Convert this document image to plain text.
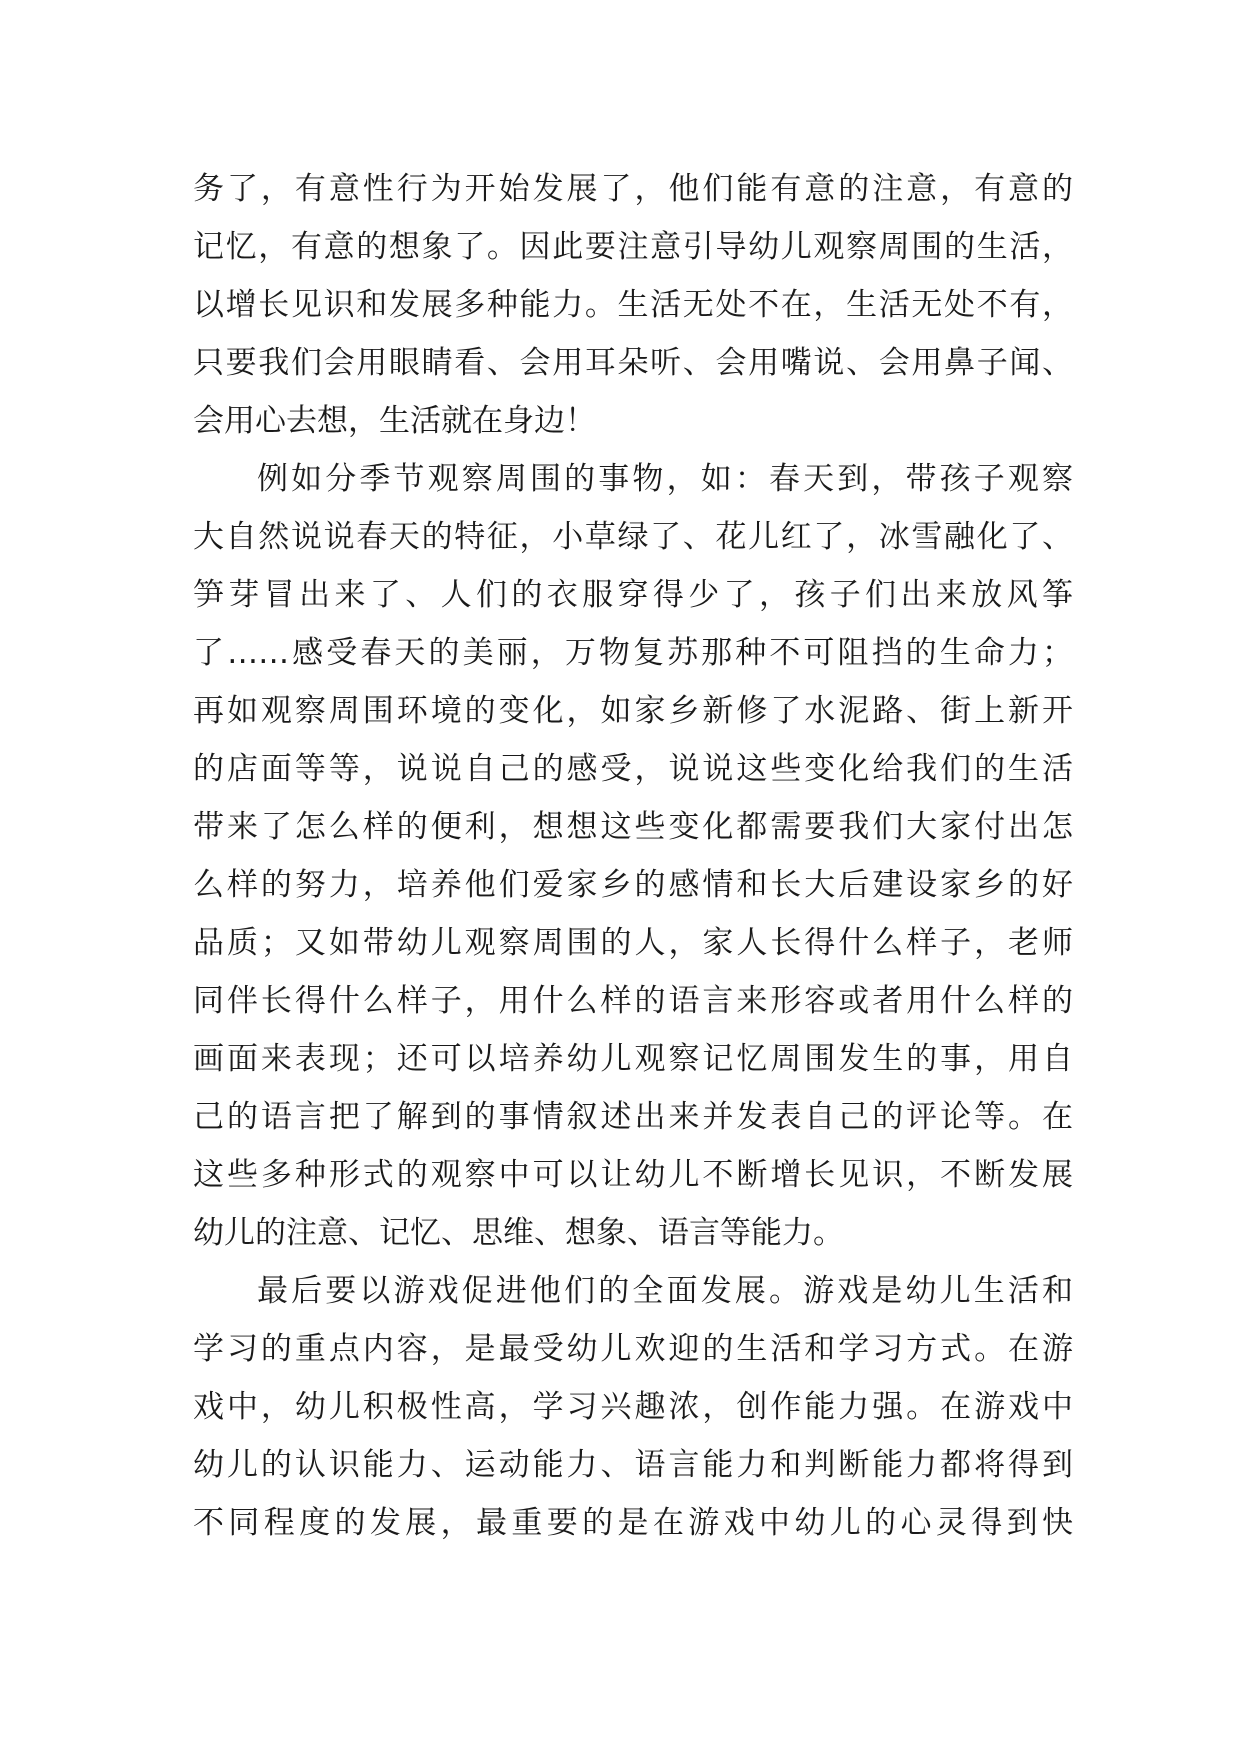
务了，有意性行为开始发展了，他们能有意的注意，有意的
记忆，有意的想象了。因此要注意引导幼儿观察周围的生活，
以增长见识和发展多种能力。生活无处不在，生活无处不有，
只要我们会用眼睛看、会用耳朵听、会用嘴说、会用鼻子闻、
会用心去想，生活就在身边！
例如分季节观察周围的事物，如：春天到，带孩子观察
大自然说说春天的特征，小草绿了、花儿红了，冰雪融化了、
笋芽冒出来了、人们的衣服穿得少了，孩子们出来放风筝
了……感受春天的美丽，万物复苏那种不可阻挡的生命力；
再如观察周围环境的变化，如家乡新修了水泥路、街上新开
的店面等等，说说自己的感受，说说这些变化给我们的生活
带来了怎么样的便利，想想这些变化都需要我们大家付出怎
么样的努力，培养他们爱家乡的感情和长大后建设家乡的好
品质；又如带幼儿观察周围的人，家人长得什么样子，老师
同伴长得什么样子，用什么样的语言来形容或者用什么样的
画面来表现；还可以培养幼儿观察记忆周围发生的事，用自
己的语言把了解到的事情叙述出来并发表自己的评论等。在
这些多种形式的观察中可以让幼儿不断增长见识，不断发展
幼儿的注意、记忆、思维、想象、语言等能力。
最后要以游戏促进他们的全面发展。游戏是幼儿生活和
学习的重点内容，是最受幼儿欢迎的生活和学习方式。在游
戏中，幼儿积极性高，学习兴趣浓，创作能力强。在游戏中
幼儿的认识能力、运动能力、语言能力和判断能力都将得到
不同程度的发展，最重要的是在游戏中幼儿的心灵得到快
